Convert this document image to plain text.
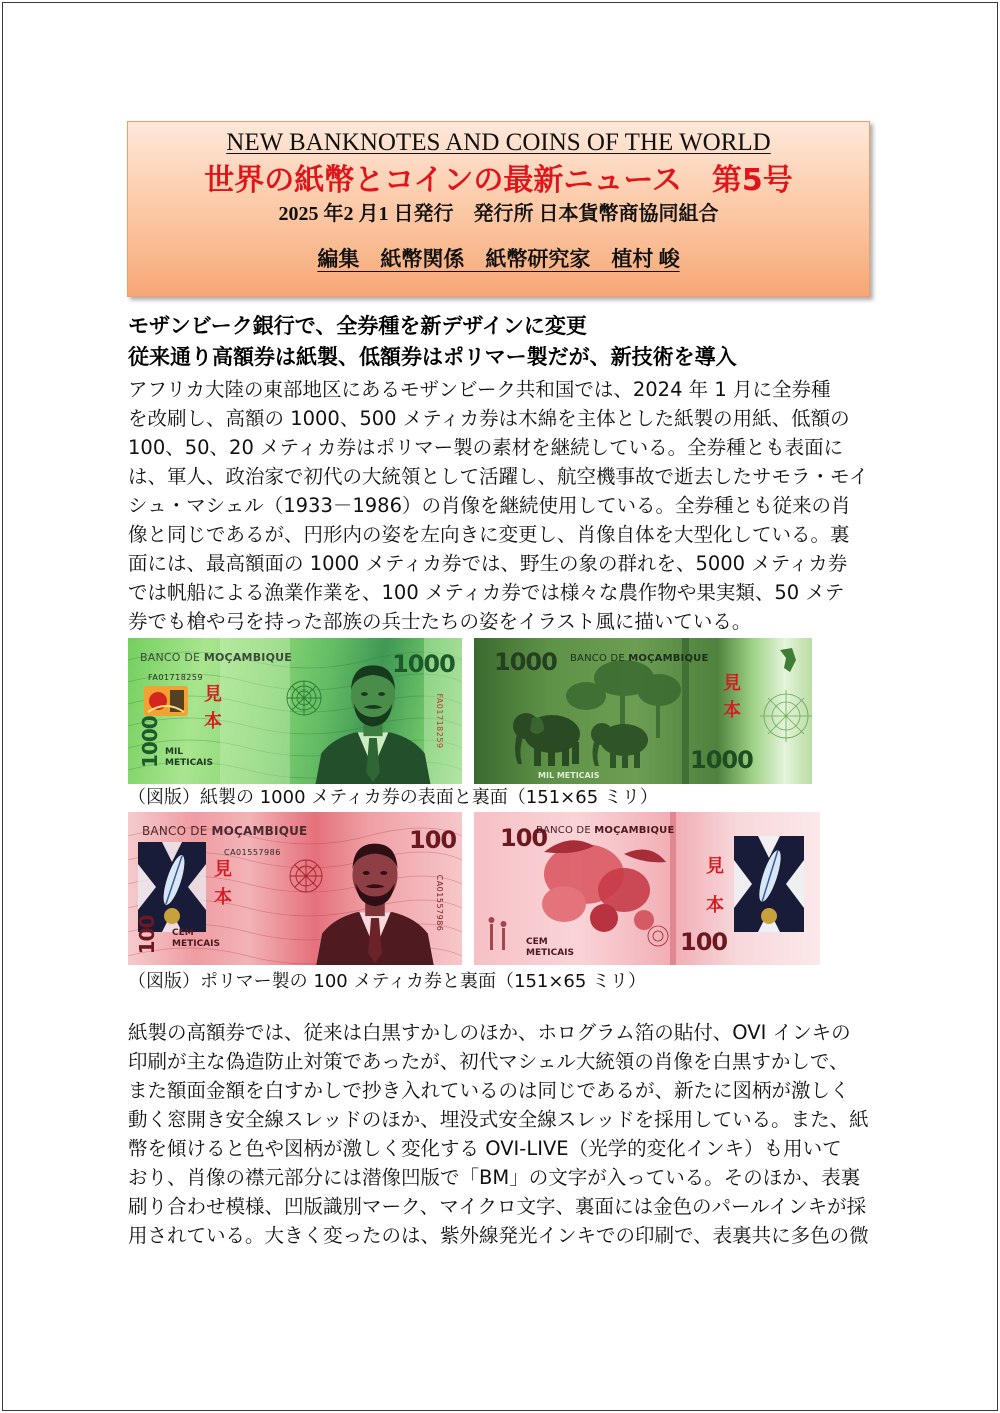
NEW BANKNOTES AND COINS OF THE WORLD
世界の紙幣とコインの最新ニュース　第5号
2025 年2 月1 日発行　発行所 日本貨幣商協同組合
編集　紙幣関係　紙幣研究家　植村 峻
モザンビーク銀行で、全券種を新デザインに変更
従来通り高額券は紙製、低額券はポリマー製だが、新技術を導入
アフリカ大陸の東部地区にあるモザンビーク共和国では、2024 年 1 月に全券種
を改刷し、高額の 1000、500 メティカ券は木綿を主体とした紙製の用紙、低額の
100、50、20 メティカ券はポリマー製の素材を継続している。全券種とも表面に
は、軍人、政治家で初代の大統領として活躍し、航空機事故で逝去したサモラ・モイ
シュ・マシェル（1933－1986）の肖像を継続使用している。全券種とも従来の肖
像と同じであるが、円形内の姿を左向きに変更し、肖像自体を大型化している。裏
面には、最高額面の 1000 メティカ券では、野生の象の群れを、5000 メティカ券
では帆船による漁業作業を、100 メティカ券では様々な農作物や果実類、50 メテ
券でも槍や弓を持った部族の兵士たちの姿をイラスト風に描いている。
BANCO DE MOÇAMBIQUE	1000
FA01718259
見
本
1000 MIL
METICAIS
FA01718259
1000 BANCO DE MOÇAMBIQUE
見
本
1000
MIL METICAIS
（図版）紙製の 1000 メティカ券の表面と裏面（151×65 ミリ）
BANCO DE MOÇAMBIQUE	100
CA01557986
見
本
100 CEM
METICAIS
CA01557986
100
BANCO DE MOÇAMBIQUE
見
本
100
CEM
METICAIS
（図版）ポリマー製の 100 メティカ券と裏面（151×65 ミリ）
紙製の高額券では、従来は白黒すかしのほか、ホログラム箔の貼付、OVI インキの
印刷が主な偽造防止対策であったが、初代マシェル大統領の肖像を白黒すかしで、
また額面金額を白すかしで抄き入れているのは同じであるが、新たに図柄が激しく
動く窓開き安全線スレッドのほか、埋没式安全線スレッドを採用している。また、紙
幣を傾けると色や図柄が激しく変化する OVI-LIVE（光学的変化インキ）も用いて
おり、肖像の襟元部分には潜像凹版で「BM」の文字が入っている。そのほか、表裏
刷り合わせ模様、凹版識別マーク、マイクロ文字、裏面には金色のパールインキが採
用されている。大きく変ったのは、紫外線発光インキでの印刷で、表裏共に多色の微
